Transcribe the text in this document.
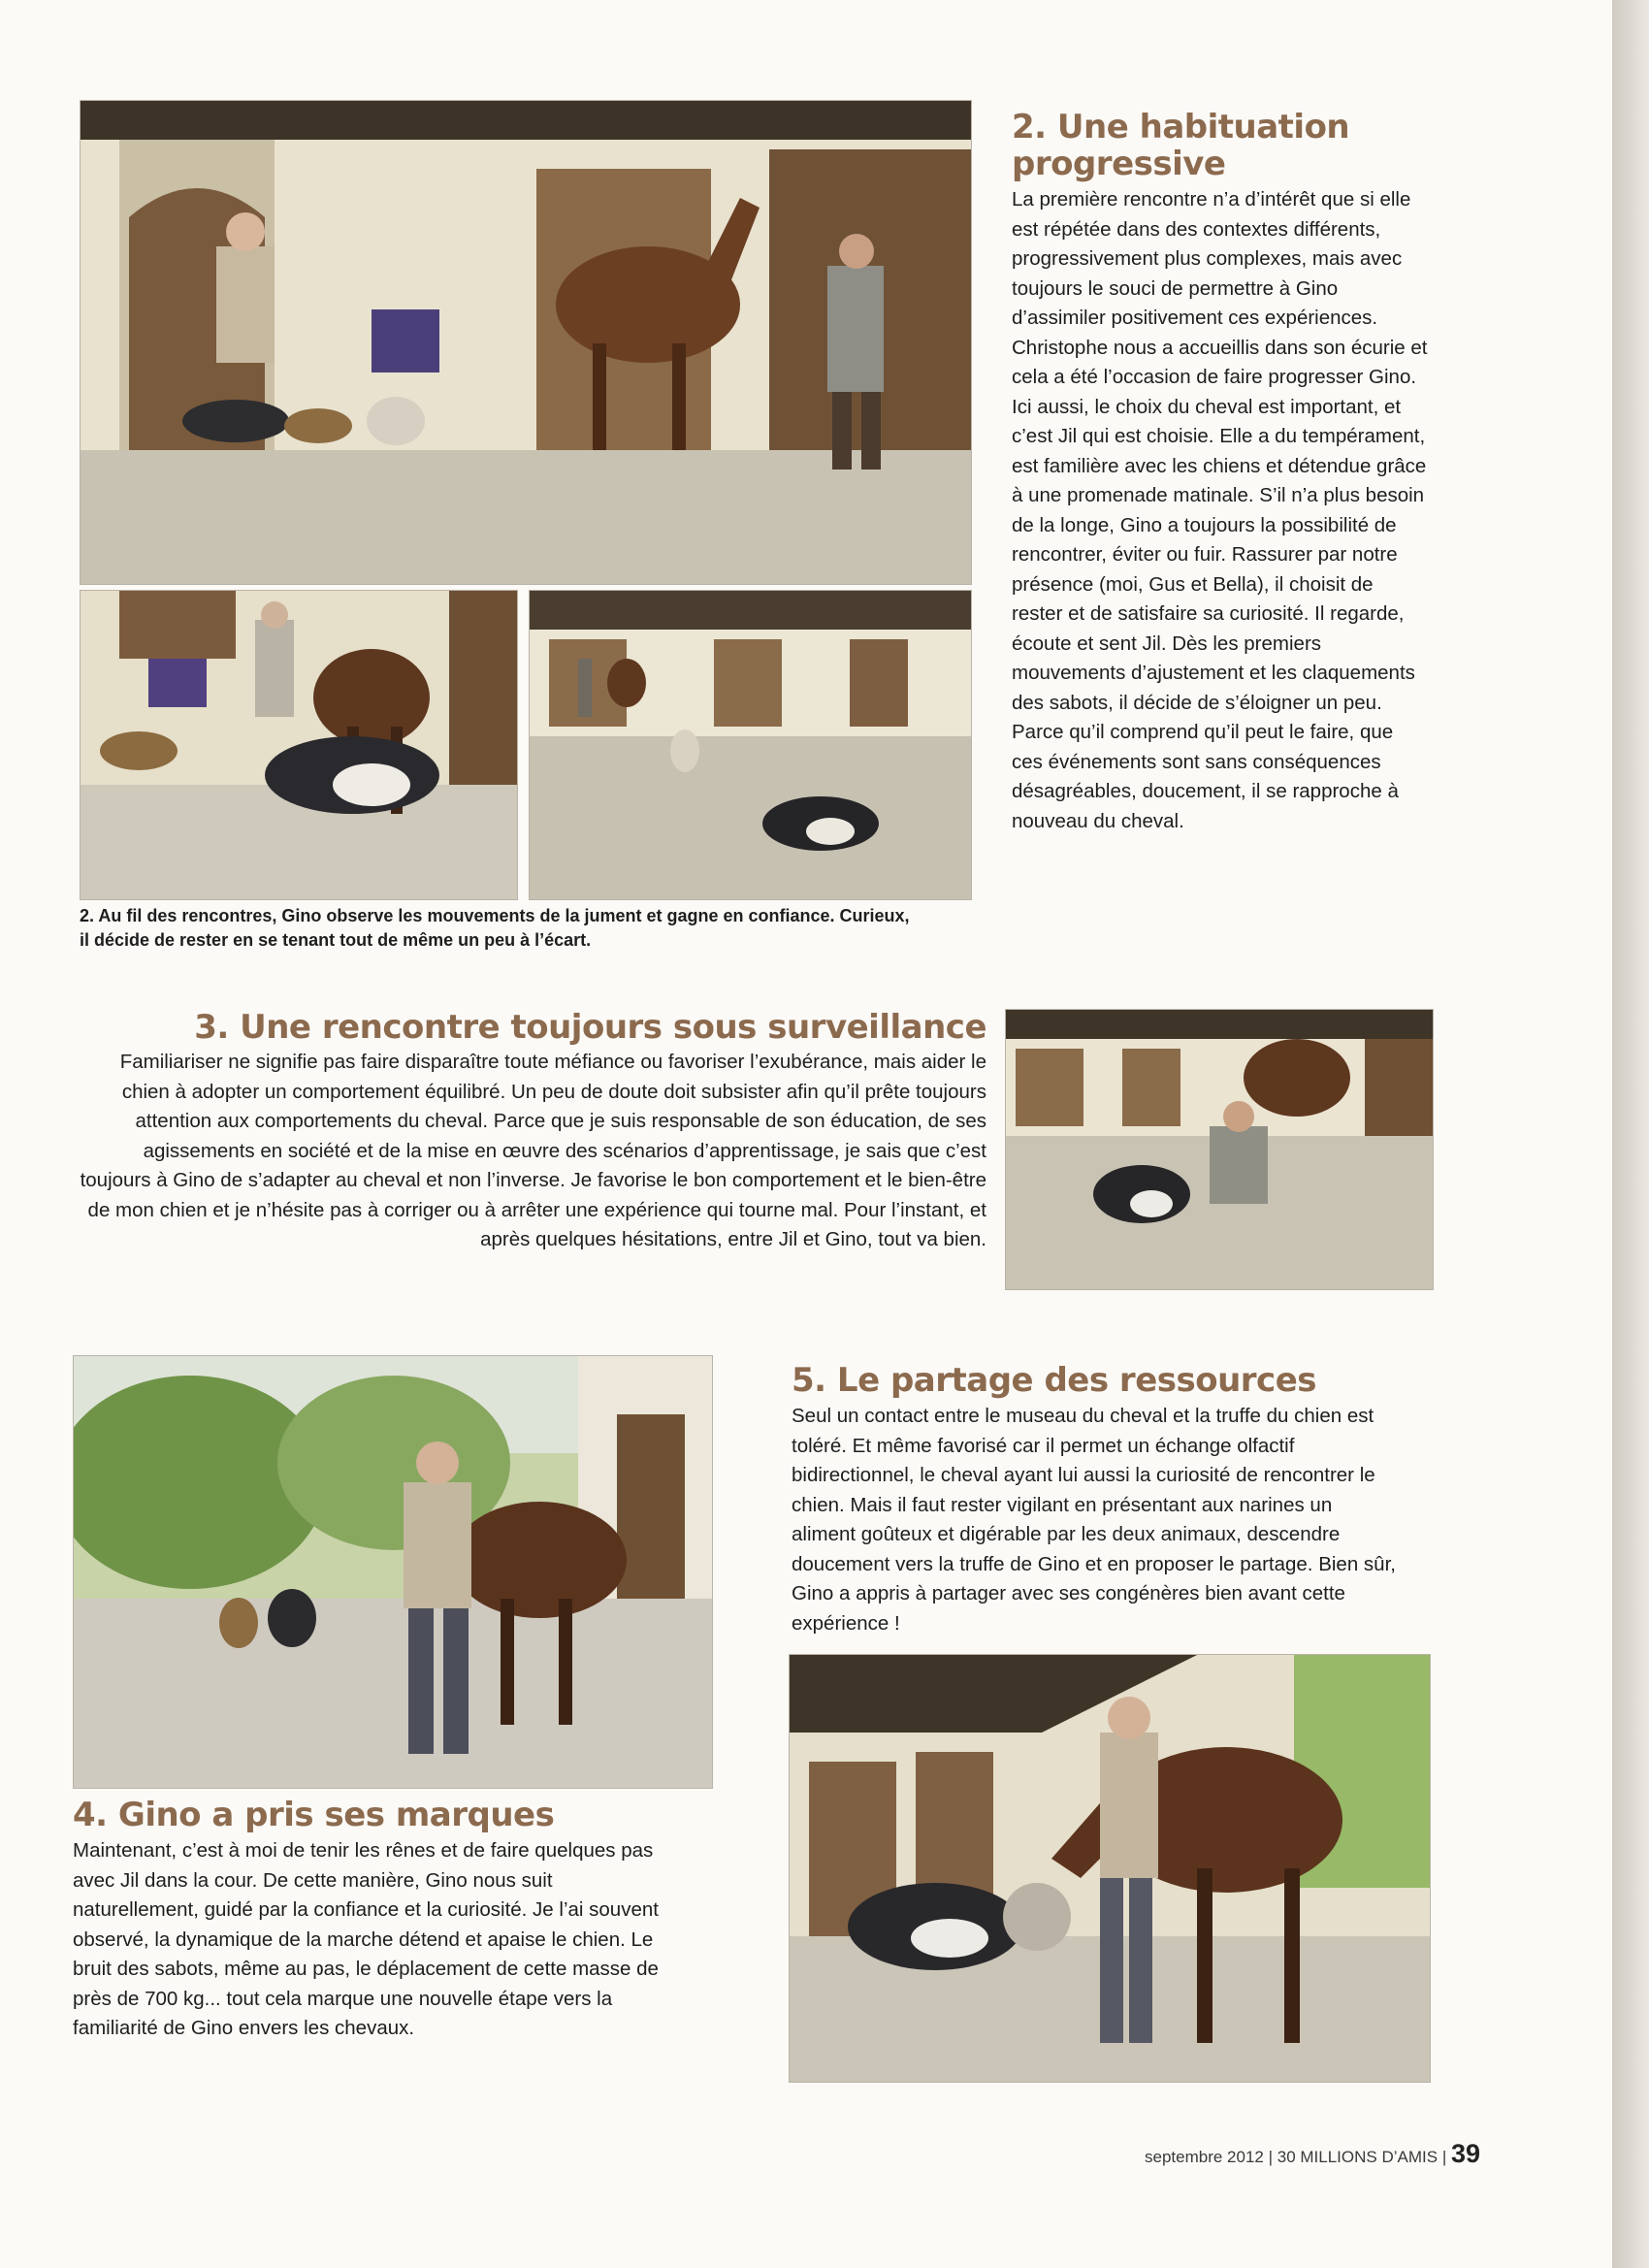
2. Au fil des rencontres, Gino observe les mouvements de la jument et gagne en confiance. Curieux, il décide de rester en se tenant tout de même un peu à l’écart.

2. Une habituation
progressive

La première rencontre n’a d’intérêt que si elle est répétée dans des contextes différents, progressivement plus complexes, mais avec toujours le souci de permettre à Gino d’assimiler positivement ces expériences. Christophe nous a accueillis dans son écurie et cela a été l’occasion de faire progresser Gino. Ici aussi, le choix du cheval est important, et c’est Jil qui est choisie. Elle a du tempérament, est familière avec les chiens et détendue grâce à une promenade matinale. S’il n’a plus besoin de la longe, Gino a toujours la possibilité de rencontrer, éviter ou fuir. Rassurer par notre présence (moi, Gus et Bella), il choisit de rester et de satisfaire sa curiosité. Il regarde, écoute et sent Jil. Dès les premiers mouvements d’ajustement et les claquements des sabots, il décide de s’éloigner un peu. Parce qu’il comprend qu’il peut le faire, que ces événements sont sans conséquences désagréables, doucement, il se rapproche à nouveau du cheval.

3. Une rencontre toujours sous surveillance

Familiariser ne signifie pas faire disparaître toute méfiance ou favoriser l’exubérance, mais aider le chien à adopter un comportement équilibré. Un peu de doute doit subsister afin qu’il prête toujours attention aux comportements du cheval. Parce que je suis responsable de son éducation, de ses agissements en société et de la mise en œuvre des scénarios d’apprentissage, je sais que c’est toujours à Gino de s’adapter au cheval et non l’inverse. Je favorise le bon comportement et le bien-être de mon chien et je n’hésite pas à corriger ou à arrêter une expérience qui tourne mal. Pour l’instant, et après quelques hésitations, entre Jil et Gino, tout va bien.

4. Gino a pris ses marques

Maintenant, c’est à moi de tenir les rênes et de faire quelques pas avec Jil dans la cour. De cette manière, Gino nous suit naturellement, guidé par la confiance et la curiosité. Je l’ai souvent observé, la dynamique de la marche détend et apaise le chien. Le bruit des sabots, même au pas, le déplacement de cette masse de près de 700 kg... tout cela marque une nouvelle étape vers la familiarité de Gino envers les chevaux.

5. Le partage des ressources

Seul un contact entre le museau du cheval et la truffe du chien est toléré. Et même favorisé car il permet un échange olfactif bidirectionnel, le cheval ayant lui aussi la curiosité de rencontrer le chien. Mais il faut rester vigilant en présentant aux narines un aliment goûteux et digérable par les deux animaux, descendre doucement vers la truffe de Gino et en proposer le partage. Bien sûr, Gino a appris à partager avec ses congénères bien avant cette expérience !

septembre 2012 | 30 MILLIONS D’AMIS | 39
